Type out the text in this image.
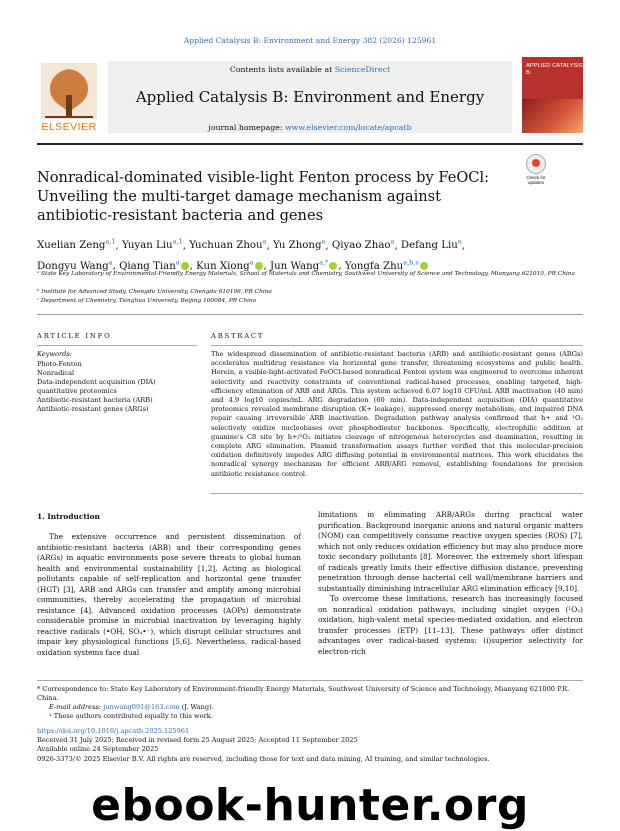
Applied Catalysis B: Environment and Energy 382 (2026) 125961
ELSEVIER
Contents lists available at ScienceDirect
Applied Catalysis B: Environment and Energy
journal homepage: www.elsevier.com/locate/apcatb
APPLIED CATALYSIS B:
Nonradical-dominated visible-light Fenton process by FeOCl: Unveiling the multi-target damage mechanism against antibiotic-resistant bacteria and genes
Check for updates
Xuelian Zeng$^{a,1}$, Yuyan Liu$^{a,1}$, Yuchuan Zhou$^a$, Yu Zhong$^a$, Qiyao Zhao$^a$, Defang Liu$^a$,
Dongyu Wang$^a$, Qiang Tian$^a$ , Kun Xiong$^a$ , Jun Wang$^{a,*}$ , Yongfa Zhu$^{a,b,c}$
ᵃ State Key Laboratory of Environmental-Friendly Energy Materials, School of Materials and Chemistry, Southwest University of Science and Technology, Mianyang 621010, PR China
ᵇ Institute for Advanced Study, Chengdu University, Chengdu 610106, PR China
ᶜ Department of Chemistry, Tsinghua University, Beijing 100084, PR China
ARTICLE INFO	ABSTRACT
Keywords:
Photo-Fenton
Nonradical
Data-independent acquisition (DIA)
quantitative proteomics
Antibiotic-resistant bacteria (ARB)
Antibiotic-resistant genes (ARGs)
The widespread dissemination of antibiotic-resistant bacteria (ARB) and antibiotic-resistant genes (ARGs) accelerates multidrug resistance via horizontal gene transfer, threatening ecosystems and public health. Herein, a visible-light-activated FeOCl-based nonradical Fenton system was engineered to overcome inherent selectivity and reactivity constraints of conventional radical-based processes, enabling targeted, high-efficiency elimination of ARB and ARGs. This system achieved 6.07 log10 CFU/mL ARB inactivation (40 min) and 4.9 log10 copies/mL ARG degradation (60 min). Data-independent acquisition (DIA) quantitative proteomics revealed membrane disruption (K+ leakage), suppressed energy metabolism, and impaired DNA repair causing irreversible ARB inactivation. Degradation pathway analysis confirmed that h+ and ¹O₂ selectively oxidize nucleobases over phosphodiester backbones. Specifically, electrophilic addition at guanine's C8 site by h+/¹O₂ initiates cleavage of nitrogenous heterocycles and deamination, resulting in complete ARG elimination. Plasmid transformation assays further verified that this molecular-precision oxidation definitively impedes ARG diffusing potential in environmental matrices. This work elucidates the nonradical synergy mechanism for efficient ARB/ARG removal, establishing foundations for precision antibiotic resistance control.
1. Introduction

The extensive occurrence and persistent dissemination of antibiotic-resistant bacteria (ARB) and their corresponding genes (ARGs) in aquatic environments pose severe threats to global human health and environmental sustainability [1,2]. Acting as biological pollutants capable of self-replication and horizontal gene transfer (HGT) [3], ARB and ARGs can transfer and amplify among microbial communities, thereby accelerating the propagation of microbial resistance [4]. Advanced oxidation processes (AOPs) demonstrate considerable promise in microbial inactivation by leveraging highly reactive radicals (•OH, SO₄•⁻), which disrupt cellular structures and impair key physiological functions [5,6]. Nevertheless, radical-based oxidation systems face dual

limitations in eliminating ARB/ARGs during practical water purification. Background inorganic anions and natural organic matters (NOM) can competitively consume reactive oxygen species (ROS) [7], which not only reduces oxidation efficiency but may also produce more toxic secondary pollutants [8]. Moreover, the extremely short lifespan of radicals greatly limits their effective diffusion distance, preventing penetration through dense bacterial cell wall/membrane barriers and substantially diminishing intracellular ARG elimination efficacy [9,10].

To overcome these limitations, research has increasingly focused on nonradical oxidation pathways, including singlet oxygen (¹O₂) oxidation, high-valent metal species-mediated oxidation, and electron transfer processes (ETP) [11–13]. These pathways offer distinct advantages over radical-based systems: (i)superior selectivity for electron-rich

* Correspondence to: State Key Laboratory of Environment-friendly Energy Materials, Southwest University of Science and Technology, Mianyang 621000 P.R. China.
E-mail address: junwang091@163.com (J. Wang).
¹ These authors contributed equally to this work.
https://doi.org/10.1016/j.apcatb.2025.125961
Received 31 July 2025; Received in revised form 25 August 2025; Accepted 11 September 2025
Available online 24 September 2025
0926-3373/© 2025 Elsevier B.V. All rights are reserved, including those for text and data mining, AI training, and similar technologies.
ebook-hunter.org
